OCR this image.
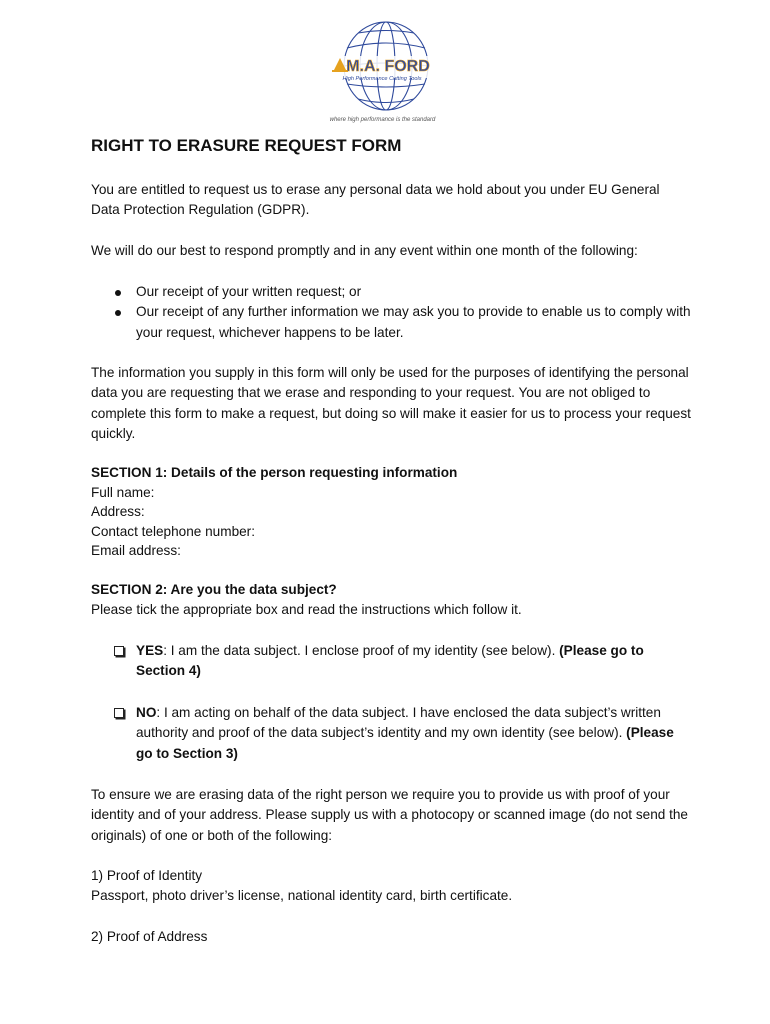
M.A. FORD
High Performance Cutting Tools
where high performance is the standard
RIGHT TO ERASURE REQUEST FORM

You are entitled to request us to erase any personal data we hold about you under EU General Data Protection Regulation (GDPR).

We will do our best to respond promptly and in any event within one month of the following:

Our receipt of your written request; or
Our receipt of any further information we may ask you to provide to enable us to comply with your request, whichever happens to be later.

The information you supply in this form will only be used for the purposes of identifying the personal data you are requesting that we erase and responding to your request. You are not obliged to complete this form to make a request, but doing so will make it easier for us to process your request quickly.

SECTION 1: Details of the person requesting information
Full name:
Address:
Contact telephone number:
Email address:
SECTION 2: Are you the data subject?
Please tick the appropriate box and read the instructions which follow it.
YES: I am the data subject. I enclose proof of my identity (see below). (Please go to Section 4)
NO: I am acting on behalf of the data subject. I have enclosed the data subject’s written authority and proof of the data subject’s identity and my own identity (see below). (Please go to Section 3)

To ensure we are erasing data of the right person we require you to provide us with proof of your identity and of your address. Please supply us with a photocopy or scanned image (do not send the originals) of one or both of the following:

1) Proof of Identity
Passport, photo driver’s license, national identity card, birth certificate.
2) Proof of Address
